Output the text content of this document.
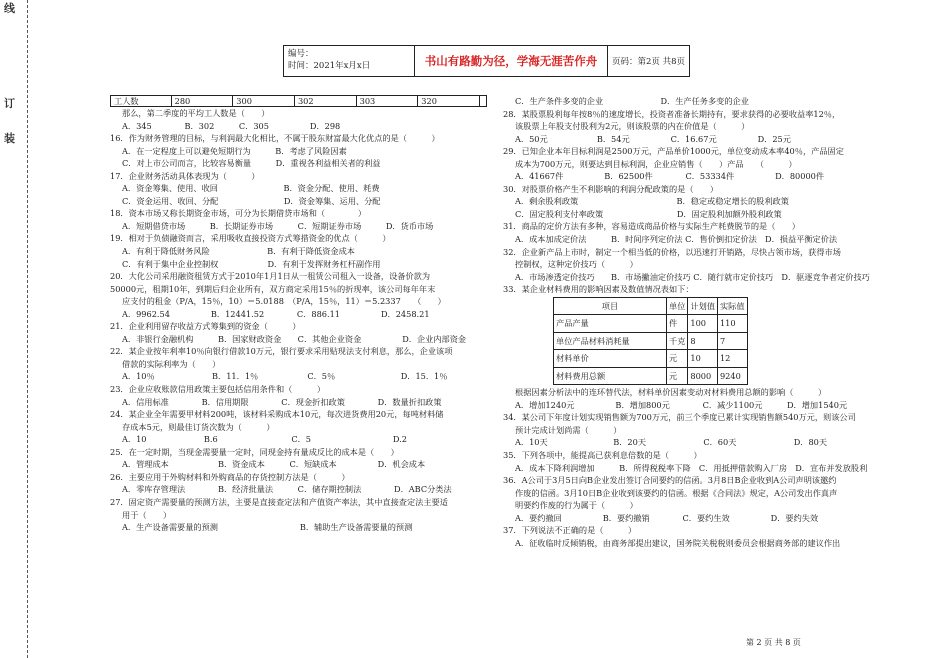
装
订
线
编号：
时间：2021年x月x日	书山有路勤为径，学海无涯苦作舟	页码：第2页 共8页
工人数	280	300	302	303	320	
那么，第二季度的平均工人数是（　　）
A．345　　　　B．302　　　C．305　　　　　D．298
16．作为财务管理的目标，与利润最大化相比，不属于股东财富最大化优点的是（　　　）
A．在一定程度上可以避免短期行为　　　B．考虑了风险因素
C．对上市公司而言，比较容易衡量　　　D．重视各利益相关者的利益
17．企业财务活动具体表现为（　　　）
A．资金筹集、使用、收回　　　　　　　　B．资金分配、使用、耗费
C．资金运用、收回、分配　　　　　　　　D．资金筹集、运用、分配
18．资本市场又称长期资金市场，可分为长期借贷市场和（　　　　）
A．短期借贷市场　　　B．长期证券市场　　　C．短期证券市场　　　D．货币市场
19．相对于负债融资而言，采用吸收直接投资方式筹措资金的优点（　　　）
A．有利于降低财务风险　　　　　　　B．有利于降低资金成本
C．有利于集中企业控制权　　　　　　D．有利于发挥财务杠杆副作用
20．大化公司采用融资租赁方式于2010年1月1日从一租赁公司租入一设备，设备价款为
50000元，租期10年，到期后归企业所有，双方商定采用15％的折现率，该公司每年年末
应支付的租金（P/A，15％，10）＝5.0188　（P/A，15％，11）＝5.2337　　（　　）
A．9962.54　　　　　B．12441.52　　　　C．886.11　　　　　D．2458.21
21．企业利用留存收益方式筹集到的资金（　　　）
A．非银行金融机构　　　B．国家财政资金　　C．其他企业资金　　　　　D．企业内部资金
22．某企业按年利率10％向银行借款10万元，银行要求采用贴现法支付利息，那么，企业该项
借款的实际利率为（　　）
A．10％　　　　　　　B．11．1％　　　　　　C．5％　　　　　　　　D．15．1％
23．企业应收账款信用政策主要包括信用条件和（　　　）
A．信用标准　　　　B．信用期限　　　　C．现金折扣政策　　　　D．数量折扣政策
24．某企业全年需要甲材料200吨，该材料采购成本10元，每次进货费用20元，每吨材料储
存成本5元，则最佳订货次数为（　　　）
A．10　　　　　　　B.6　　　　　　　　　C．5　　　　　　　　　　D.2
25．在一定时期，当现金需要量一定时，同现金持有量成反比的成本是（　　）
A．管理成本　　　　　　B．资金成本　　　C．短缺成本　　　　　D．机会成本
26．主要应用于外购材料和外购商品的存货控制方法是（　　　）
A．零库存管理法　　　　B．经济批量法　　　C．储存期控制法　　　　D．ABC分类法
27．固定资产需要量的预测方法，主要是直接查定法和产值资产率法，其中直接查定法主要适
用于（　　）
A．生产设备需要量的预测　　　　　　　　　　B．辅助生产设备需要量的预测
C．生产条件多变的企业　　　　　　　D．生产任务多变的企业
28．某股票股利每年按8％的速度增长，投资者准备长期持有，要求获得的必要收益率12％，
该股票上年股支付股利为2元，则该股票的内在价值是（　　　）
A．50元　　　　　　B．54元　　　　　C．16.67元　　　　　D．25元
29．已知企业本年目标利润是2500万元，产品单价1000元，单位变动成本率40％，产品固定
成本为700万元，则要达到目标利润，企业应销售（　　）产品　　（　　　）
A．41667件　　　　　B．62500件　　　　C．53334件　　　　　D．80000件
30．对股票价格产生不利影响的利润分配政策的是（　　）
A．剩余股利政策　　　　　　　　　　　　B．稳定或稳定增长的股利政策
C．固定股利支付率政策　　　　　　　　　D．固定股利加额外股利政策
31．商品的定价方法有多种，容易造成商品价格与实际生产耗费脱节的是（　　）
A．成本加成定价法　　　B．时间序列定价法 C．售价倒扣定价法　D．损益平衡定价法
32．企业新产品上市时，制定一个相当低的价格，以迅速打开销路，尽快占领市场，获得市场
控制权，这种定价技巧（　　　）
A．市场渗透定价技巧　　B．市场撇油定价技巧 C．随行就市定价技巧　D．驱逐竞争者定价技巧
33．某企业材料费用的影响因素及数值情况表如下：
项目	单位	计划值	实际值
产品产量	件	100	110
单位产品材料消耗量	千克	8	7
材料单价	元	10	12
材料费用总额	元	8000	9240
根据因素分析法中的连环替代法，材料单价因素变动对材料费用总额的影响（　　　）
A．增加1240元　　　　　B．增加800元　　　　C．减少1100元　　　D．增加1540元
34．某公司下年度计划实现销售额为700万元，前三个季度已累计实现销售额540万元，则该公司
预计完成计划尚需（　　　）
A．10天　　　　　　　　B．20天　　　　　　　C．60天　　　　　　　D．80天
35．下列各项中，能提高已获利息倍数的是（　　　）
A．成本下降利润增加　　　B．所得税税率下降　C．用抵押借款购入厂房　D．宣布并发放股利
36．A公司于3月5日向B企业发出签订合同要约的信函。3月8日B企业收到A公司声明该邀约
作废的信函。3月10日B企业收到该要约的信函。根据《合同法》规定，A公司发出作真声
明要约作废的行为属于（　　　）
A．要约撤回　　　　　B．要约撤销　　　　C．要约生效　　　　　D．要约失效
37．下列说法不正确的是（　　　）
A．征收临时反倾销税，由商务部提出建议，国务院关税税则委员会根据商务部的建议作出
第 2 页 共 8 页
